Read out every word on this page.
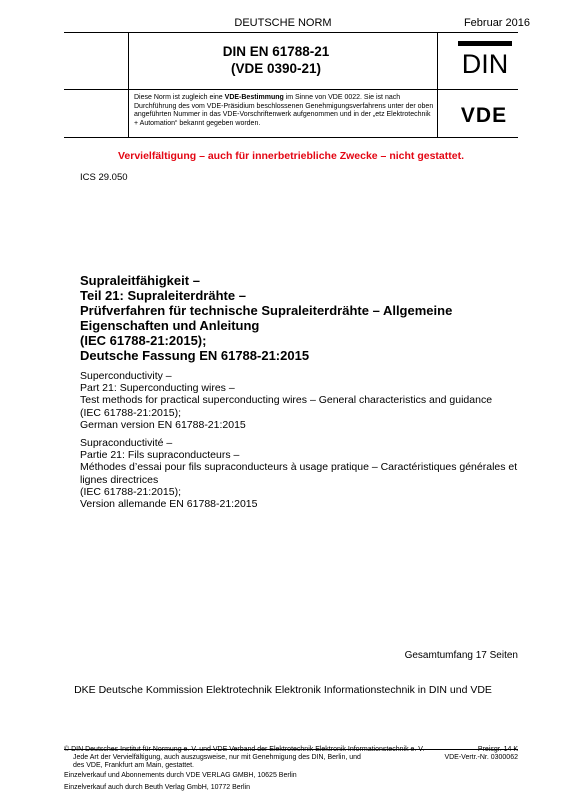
DEUTSCHE NORM	Februar 2016
DIN EN 61788-21
(VDE 0390-21)	DIN
Diese Norm ist zugleich eine VDE-Bestimmung im Sinne von VDE 0022. Sie ist nach Durchführung des vom VDE-Präsidium beschlossenen Genehmigungsverfahrens unter der oben angeführten Nummer in das VDE-Vorschriftenwerk aufgenommen und in der „etz Elektrotechnik + Automation“ bekannt gegeben worden.	VDE
Vervielfältigung – auch für innerbetriebliche Zwecke – nicht gestattet.
ICS 29.050
Supraleitfähigkeit –
Teil 21: Supraleiterdrähte –
Prüfverfahren für technische Supraleiterdrähte – Allgemeine
Eigenschaften und Anleitung
(IEC 61788-21:2015);
Deutsche Fassung EN 61788-21:2015
Superconductivity –
Part 21: Superconducting wires –
Test methods for practical superconducting wires – General characteristics and guidance
(IEC 61788-21:2015);
German version EN 61788-21:2015
Supraconductivité –
Partie 21: Fils supraconducteurs –
Méthodes d’essai pour fils supraconducteurs à usage pratique – Caractéristiques générales et
lignes directrices
(IEC 61788-21:2015);
Version allemande EN 61788-21:2015
Gesamtumfang 17 Seiten
DKE Deutsche Kommission Elektrotechnik Elektronik Informationstechnik in DIN und VDE
© DIN Deutsches Institut für Normung e. V. und VDE Verband der Elektrotechnik Elektronik Informationstechnik e. V.
Jede Art der Vervielfältigung, auch auszugsweise, nur mit Genehmigung des DIN, Berlin, und
des VDE, Frankfurt am Main, gestattet.
Preisgr. 14 K
VDE-Vertr.-Nr. 0300062
Einzelverkauf und Abonnements durch VDE VERLAG GMBH, 10625 Berlin
Einzelverkauf auch durch Beuth Verlag GmbH, 10772 Berlin
